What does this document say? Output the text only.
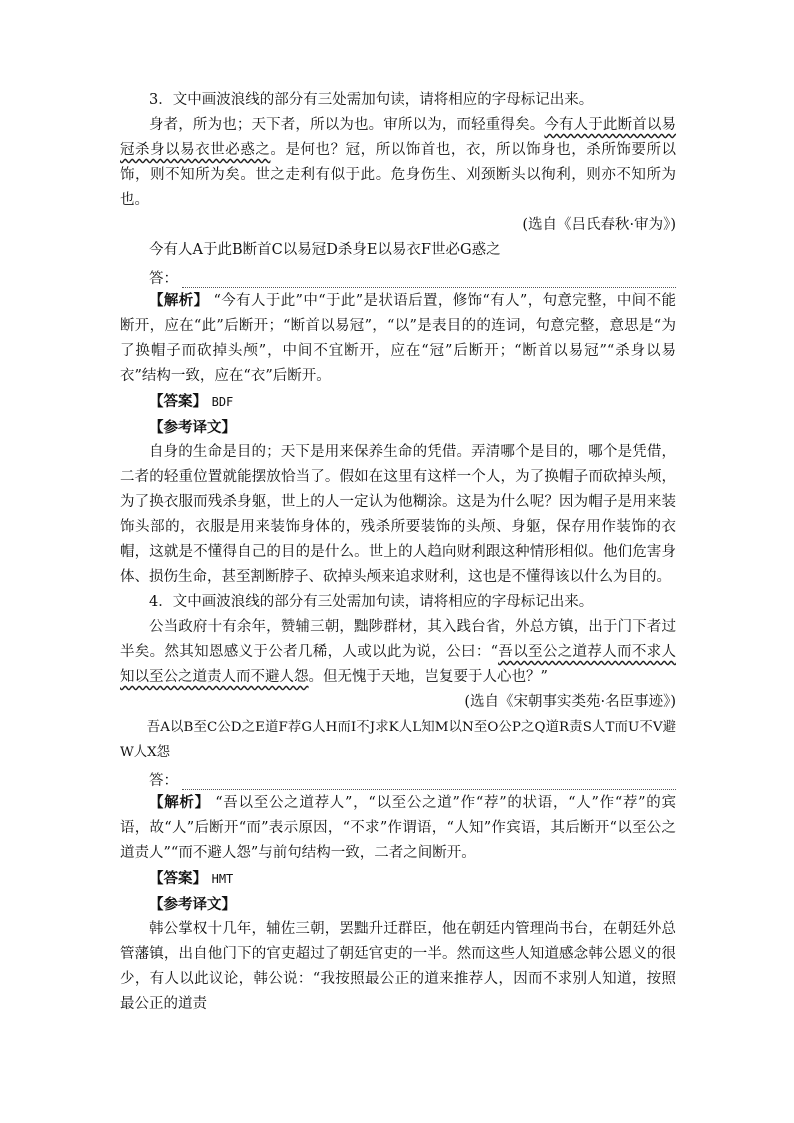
3．文中画波浪线的部分有三处需加句读，请将相应的字母标记出来。

身者，所为也；天下者，所以为也。审所以为，而轻重得矣。今有人于此断首以易冠杀身以易衣世必惑之。是何也？冠，所以饰首也，衣，所以饰身也，杀所饰要所以饰，则不知所为矣。世之走利有似于此。危身伤生、刈颈断头以徇利，则亦不知所为也。

(选自《吕氏春秋·审为》)

今有人A于此B断首C以易冠D杀身E以易衣F世必G惑之

答：

【解析】 “今有人于此”中“于此”是状语后置，修饰“有人”，句意完整，中间不能断开，应在“此”后断开；“断首以易冠”，“以”是表目的的连词，句意完整，意思是“为了换帽子而砍掉头颅”，中间不宜断开，应在“冠”后断开；“断首以易冠”“杀身以易衣”结构一致，应在“衣”后断开。

【答案】 BDF

【参考译文】

自身的生命是目的；天下是用来保养生命的凭借。弄清哪个是目的，哪个是凭借，二者的轻重位置就能摆放恰当了。假如在这里有这样一个人，为了换帽子而砍掉头颅，为了换衣服而残杀身躯，世上的人一定认为他糊涂。这是为什么呢？因为帽子是用来装饰头部的，衣服是用来装饰身体的，残杀所要装饰的头颅、身躯，保存用作装饰的衣帽，这就是不懂得自己的目的是什么。世上的人趋向财利跟这种情形相似。他们危害身体、损伤生命，甚至割断脖子、砍掉头颅来追求财利，这也是不懂得该以什么为目的。

4．文中画波浪线的部分有三处需加句读，请将相应的字母标记出来。

公当政府十有余年，赞辅三朝，黜陟群材，其入践台省，外总方镇，出于门下者过半矣。然其知恩感义于公者几稀，人或以此为说，公曰：“吾以至公之道荐人而不求人知以至公之道责人而不避人怨。但无愧于天地，岂复要于人心也？”

(选自《宋朝事实类苑·名臣事迹》)

吾A以B至C公D之E道F荐G人H而I不J求K人L知M以N至O公P之Q道R责S人T而U不V避W人X怨

答：

【解析】 “吾以至公之道荐人”，“以至公之道”作“荐”的状语，“人”作“荐”的宾语，故“人”后断开“而”表示原因，“不求”作谓语，“人知”作宾语，其后断开“以至公之道责人”“而不避人怨”与前句结构一致，二者之间断开。

【答案】 HMT

【参考译文】

韩公掌权十几年，辅佐三朝，罢黜升迁群臣，他在朝廷内管理尚书台，在朝廷外总管藩镇，出自他门下的官吏超过了朝廷官吏的一半。然而这些人知道感念韩公恩义的很少，有人以此议论，韩公说：“我按照最公正的道来推荐人，因而不求别人知道，按照最公正的道责
